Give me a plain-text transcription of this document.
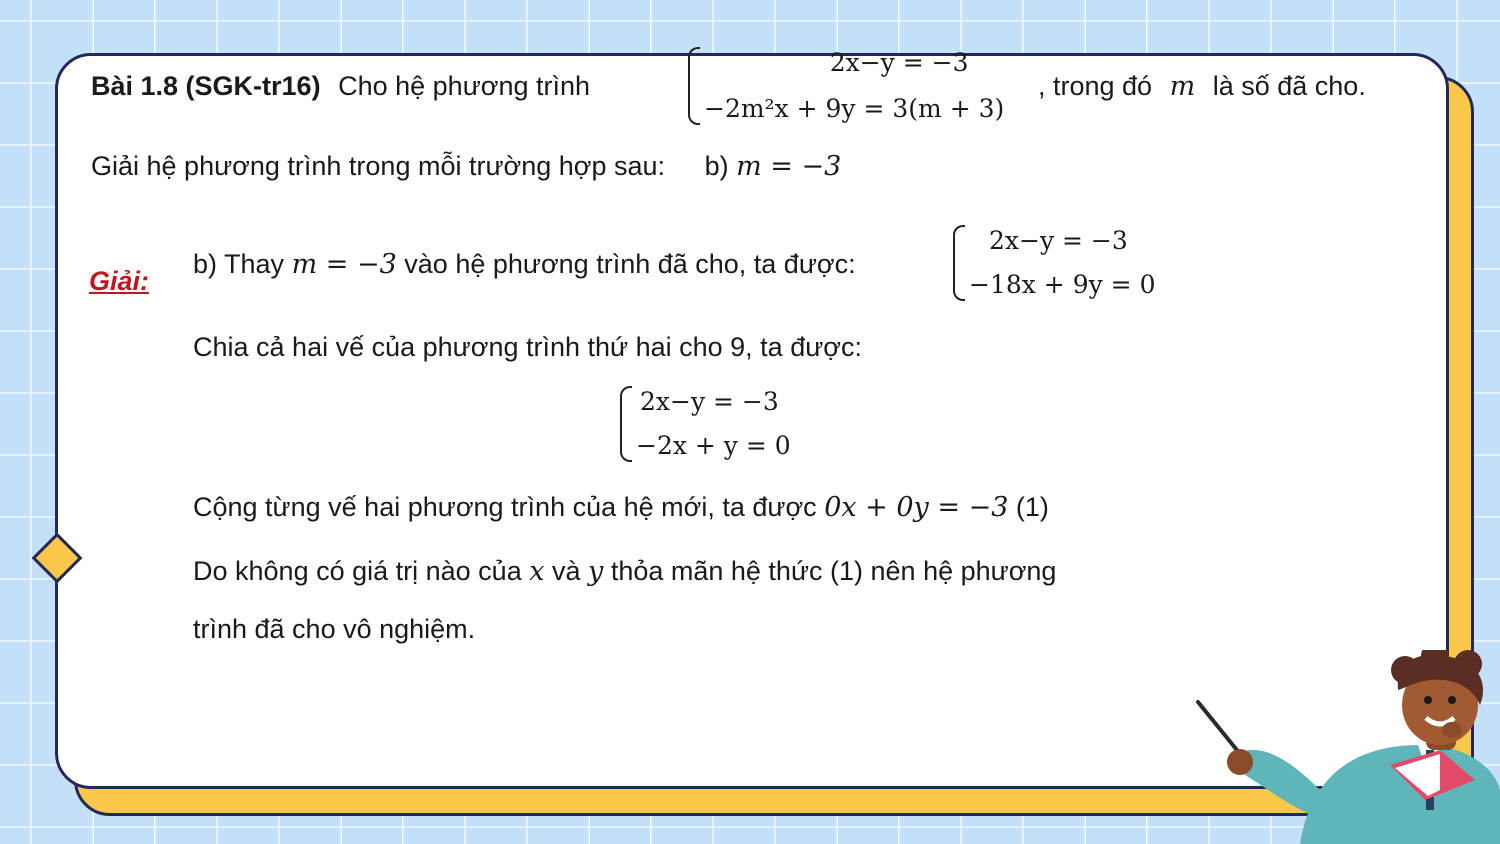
Bài 1.8 (SGK-tr16) Cho hệ phương trình
2x−y = −3
−2m²x + 9y = 3(m + 3)
, trong đó m là số đã cho.
Giải hệ phương trình trong mỗi trường hợp sau: b) m = −3
Giải:
b) Thay m = −3 vào hệ phương trình đã cho, ta được:
2x−y = −3
−18x + 9y = 0
Chia cả hai vế của phương trình thứ hai cho 9, ta được:
2x−y = −3
−2x + y = 0
Cộng từng vế hai phương trình của hệ mới, ta được 0x + 0y = −3 (1)
Do không có giá trị nào của x và y thỏa mãn hệ thức (1) nên hệ phương
trình đã cho vô nghiệm.
